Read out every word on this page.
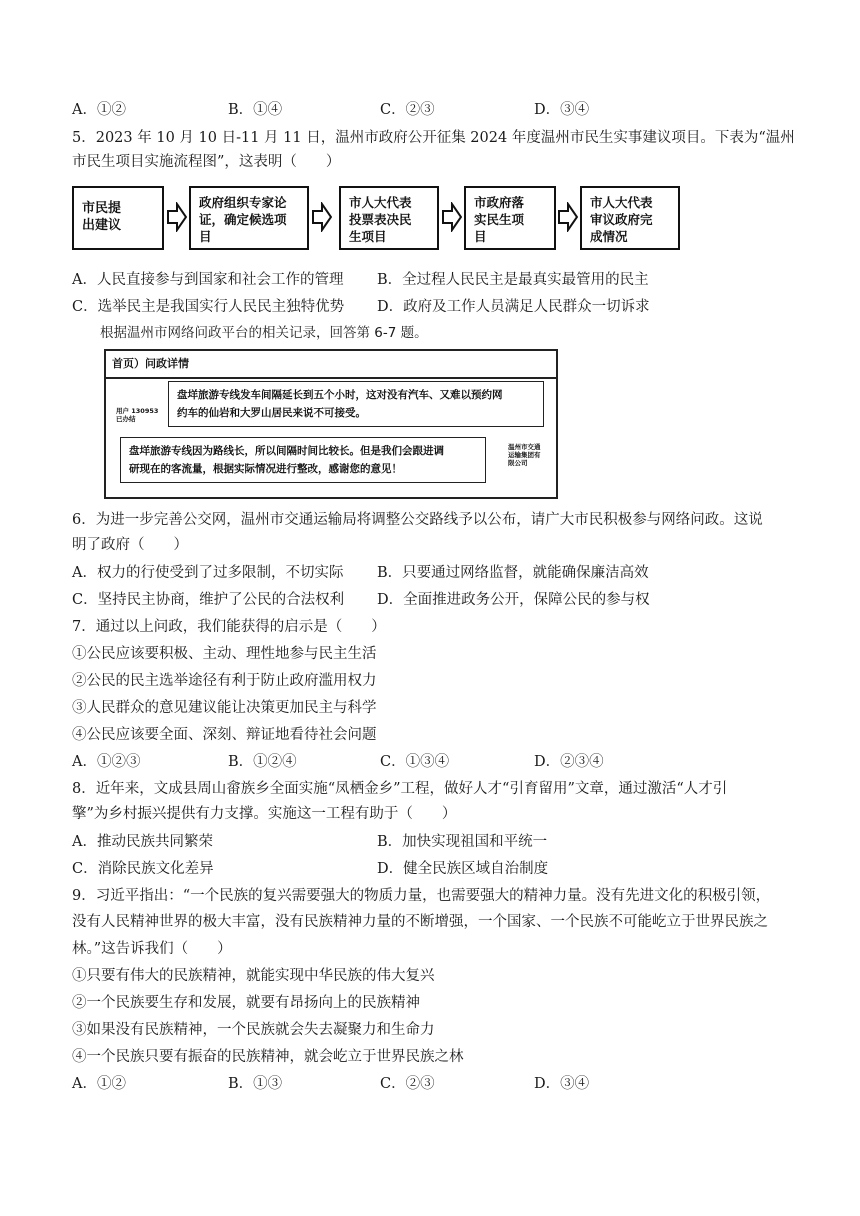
A．①②	B．①④	C．②③	D．③④
5．2023 年 10 月 10 日-11 月 11 日，温州市政府公开征集 2024 年度温州市民生实事建议项目。下表为“温州
市民生项目实施流程图”，这表明（　　）
市民提
出建议
政府组织专家论
证，确定候选项
目
市人大代表
投票表决民
生项目
市政府落
实民生项
目
市人大代表
审议政府完
成情况
A．人民直接参与到国家和社会工作的管理 B．全过程人民民主是最真实最管用的民主
C．选举民主是我国实行人民民主独特优势 D．政府及工作人员满足人民群众一切诉求
根据温州市网络问政平台的相关记录，回答第 6-7 题。
首页）问政详情
用户 130953
已办结
盘垟旅游专线发车间隔延长到五个小时，这对没有汽车、又难以预约网
约车的仙岩和大罗山居民来说不可接受。
盘垟旅游专线因为路线长，所以间隔时间比较长。但是我们会跟进调
研现在的客流量，根据实际情况进行整改，感谢您的意见！
温州市交通
运输集团有
限公司
6．为进一步完善公交网，温州市交通运输局将调整公交路线予以公布，请广大市民积极参与网络问政。这说
明了政府（　　）
A．权力的行使受到了过多限制，不切实际 B．只要通过网络监督，就能确保廉洁高效
C．坚持民主协商，维护了公民的合法权利 D．全面推进政务公开，保障公民的参与权
7．通过以上问政，我们能获得的启示是（　　）
①公民应该要积极、主动、理性地参与民主生活
②公民的民主选举途径有利于防止政府滥用权力
③人民群众的意见建议能让决策更加民主与科学
④公民应该要全面、深刻、辩证地看待社会问题
A．①②③	B．①②④	C．①③④	D．②③④
8．近年来，文成县周山畲族乡全面实施“凤栖金乡”工程，做好人才“引育留用”文章，通过激活“人才引
擎”为乡村振兴提供有力支撑。实施这一工程有助于（　　）
A．推动民族共同繁荣	B．加快实现祖国和平统一
C．消除民族文化差异	D．健全民族区域自治制度
9．习近平指出：“一个民族的复兴需要强大的物质力量，也需要强大的精神力量。没有先进文化的积极引领，
没有人民精神世界的极大丰富，没有民族精神力量的不断增强，一个国家、一个民族不可能屹立于世界民族之
林。”这告诉我们（　　）
①只要有伟大的民族精神，就能实现中华民族的伟大复兴
②一个民族要生存和发展，就要有昂扬向上的民族精神
③如果没有民族精神，一个民族就会失去凝聚力和生命力
④一个民族只要有振奋的民族精神，就会屹立于世界民族之林
A．①②	B．①③	C．②③	D．③④
